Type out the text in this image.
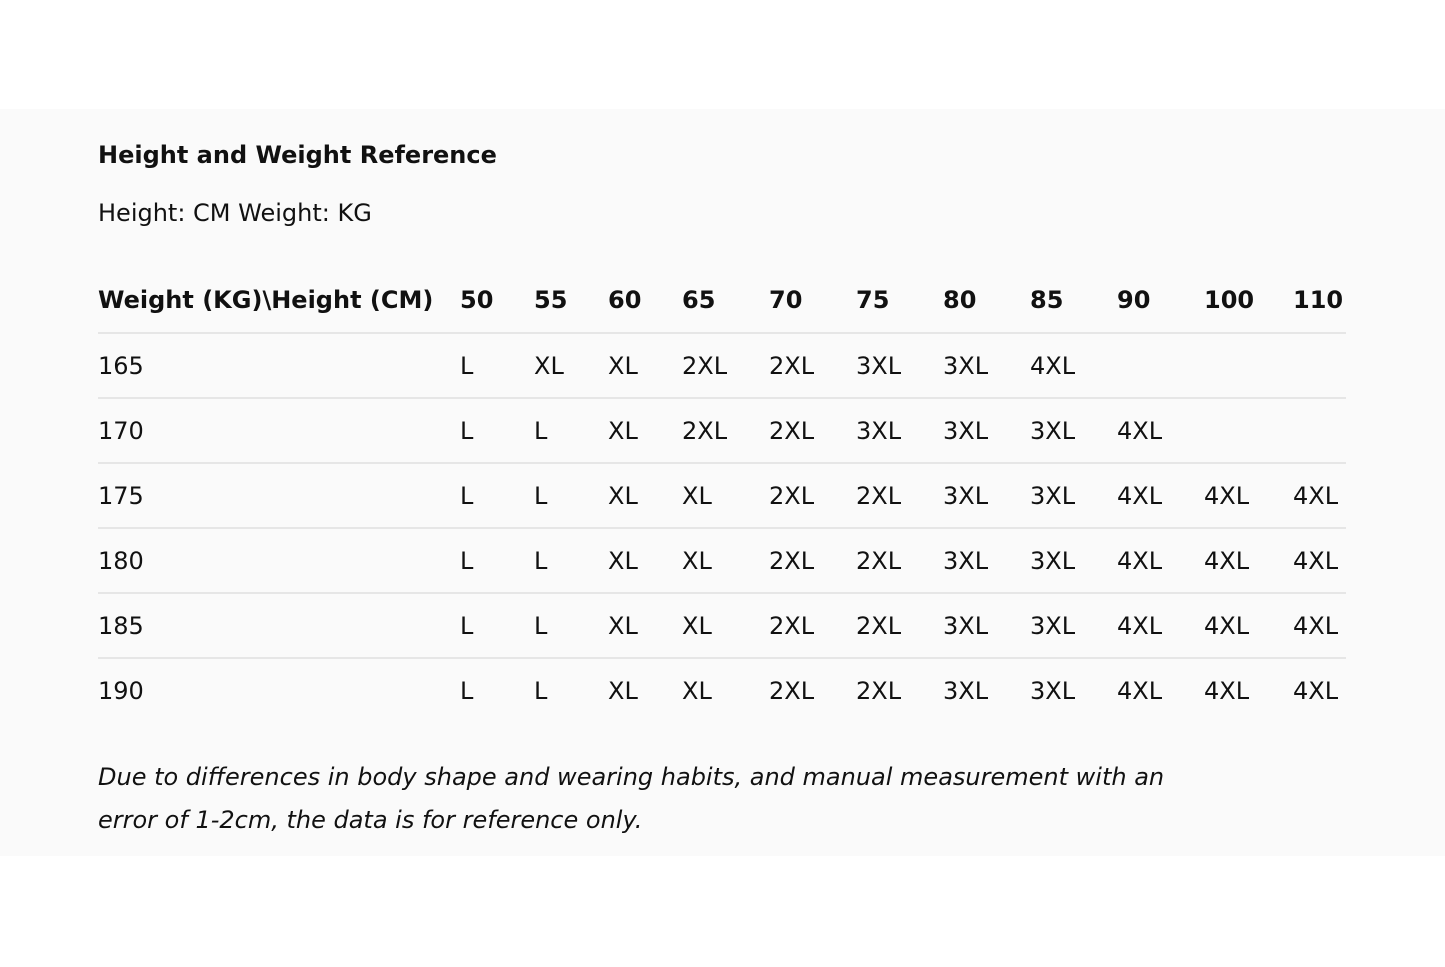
Height and Weight Reference
Height: CM Weight: KG
Weight (KG)\Height (CM)	50	55	60	65	70	75	80	85	90	100	110
165	L	XL	XL	2XL	2XL	3XL	3XL	4XL			
170	L	L	XL	2XL	2XL	3XL	3XL	3XL	4XL		
175	L	L	XL	XL	2XL	2XL	3XL	3XL	4XL	4XL	4XL
180	L	L	XL	XL	2XL	2XL	3XL	3XL	4XL	4XL	4XL
185	L	L	XL	XL	2XL	2XL	3XL	3XL	4XL	4XL	4XL
190	L	L	XL	XL	2XL	2XL	3XL	3XL	4XL	4XL	4XL
Due to differences in body shape and wearing habits, and manual measurement with an error of 1-2cm, the data is for reference only.
